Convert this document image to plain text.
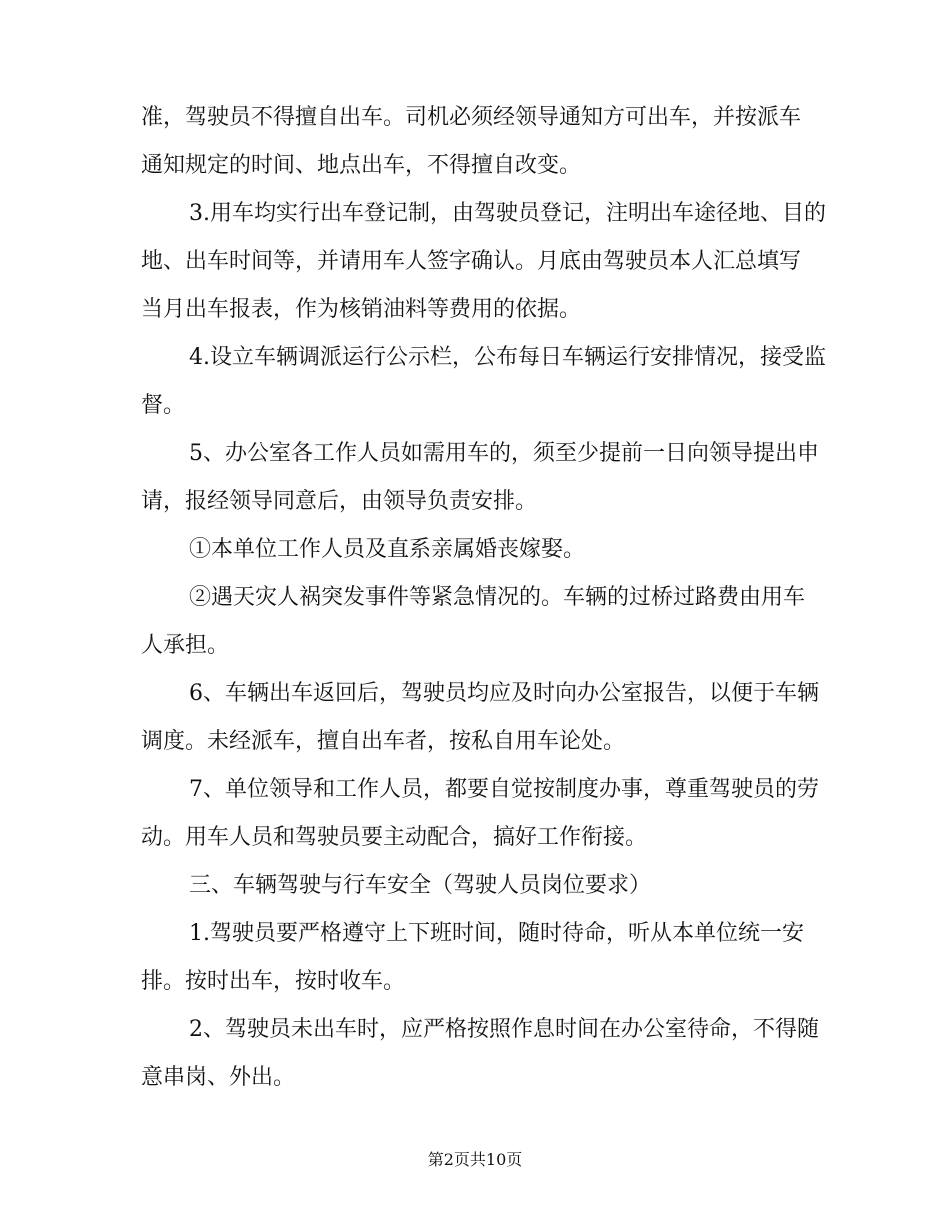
准，驾驶员不得擅自出车。司机必须经领导通知方可出车，并按派车
通知规定的时间、地点出车，不得擅自改变。
3.用车均实行出车登记制，由驾驶员登记，注明出车途径地、目的
地、出车时间等，并请用车人签字确认。月底由驾驶员本人汇总填写
当月出车报表，作为核销油料等费用的依据。
4.设立车辆调派运行公示栏，公布每日车辆运行安排情况，接受监
督。
5、办公室各工作人员如需用车的，须至少提前一日向领导提出申
请，报经领导同意后，由领导负责安排。
①本单位工作人员及直系亲属婚丧嫁娶。
②遇天灾人祸突发事件等紧急情况的。车辆的过桥过路费由用车
人承担。
6、车辆出车返回后，驾驶员均应及时向办公室报告，以便于车辆
调度。未经派车，擅自出车者，按私自用车论处。
7、单位领导和工作人员，都要自觉按制度办事，尊重驾驶员的劳
动。用车人员和驾驶员要主动配合，搞好工作衔接。
三、车辆驾驶与行车安全（驾驶人员岗位要求）
1.驾驶员要严格遵守上下班时间，随时待命，听从本单位统一安
排。按时出车，按时收车。
2、驾驶员未出车时，应严格按照作息时间在办公室待命，不得随
意串岗、外出。
第2页共10页
